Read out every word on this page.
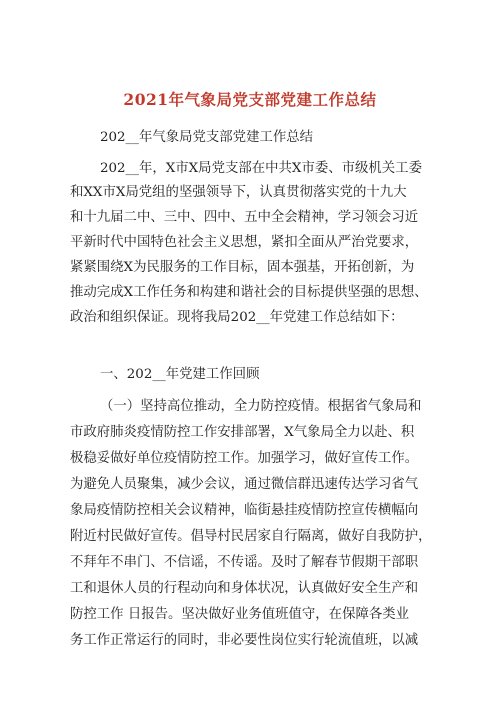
2021年气象局党支部党建工作总结
202__年气象局党支部党建工作总结
202__年，X市X局党支部在中共X市委、市级机关工委
和XX市X局党组的坚强领导下，认真贯彻落实党的十九大
和十九届二中、三中、四中、五中全会精神，学习领会习近
平新时代中国特色社会主义思想，紧扣全面从严治党要求，
紧紧围绕X为民服务的工作目标，固本强基，开拓创新，为
推动完成X工作任务和构建和谐社会的目标提供坚强的思想、
政治和组织保证。现将我局202__年党建工作总结如下：
一、202__年党建工作回顾
（一）坚持高位推动，全力防控疫情。根据省气象局和
市政府肺炎疫情防控工作安排部署，X气象局全力以赴、积
极稳妥做好单位疫情防控工作。加强学习，做好宣传工作。
为避免人员聚集，减少会议，通过微信群迅速传达学习省气
象局疫情防控相关会议精神，临街悬挂疫情防控宣传横幅向
附近村民做好宣传。倡导村民居家自行隔离，做好自我防护，
不拜年不串门、不信谣，不传谣。及时了解春节假期干部职
工和退休人员的行程动向和身体状况，认真做好安全生产和
防控工作 日报告。坚决做好业务值班值守，在保障各类业
务工作正常运行的同时，非必要性岗位实行轮流值班，以减
